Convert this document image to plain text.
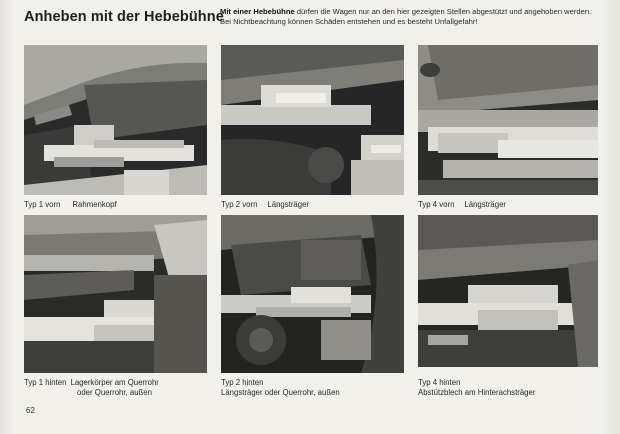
Anheben mit der Hebebühne
Mit einer Hebebühne dürfen die Wagen nur an den hier gezeigten Stellen abgestützt und angehoben werden. Bei Nichtbeachtung können Schäden entstehen und es besteht Unfallgefahr!
Typ 1 vorn Rahmenkopf	Typ 2 vorn Längsträger	Typ 4 vorn Längsträger
Typ 1 hinten Lagerkörper am Querrohr
oder Querrohr, außen
Typ 2 hinten
Längsträger oder Querrohr, außen
Typ 4 hinten
Abstützblech am Hinterachsträger
62
